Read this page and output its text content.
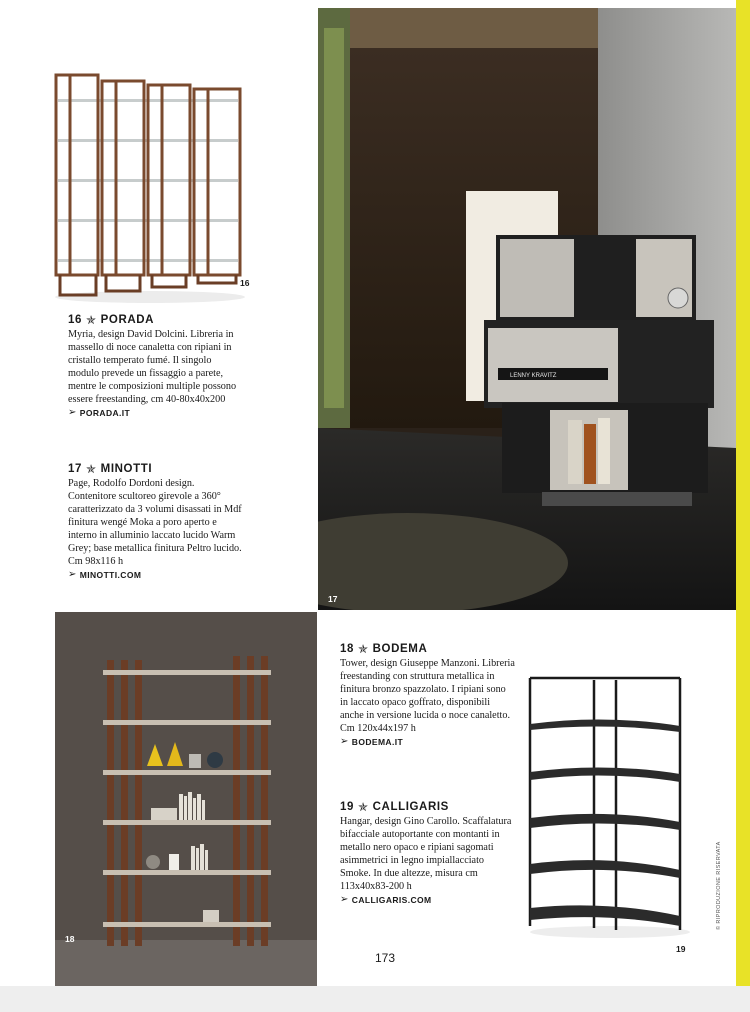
16
16 ✯ PORADA
Myria, design David Dolcini. Libreria in massello di noce canaletta con ripiani in cristallo temperato fumé. Il singolo modulo prevede un fissaggio a parete, mentre le composizioni multiple possono essere freestanding, cm 40-80x40x200
➢ PORADA.IT
17 ✯ MINOTTI
Page, Rodolfo Dordoni design. Contenitore scultoreo girevole a 360° caratterizzato da 3 volumi disassati in Mdf finitura wengé Moka a poro aperto e interno in alluminio laccato lucido Warm Grey; base metallica finitura Peltro lucido. Cm 98x116 h
➢ MINOTTI.COM
LENNY KRAVITZ
17
18
18 ✯ BODEMA
Tower, design Giuseppe Manzoni. Libreria freestanding con struttura metallica in finitura bronzo spazzolato. I ripiani sono in laccato opaco goffrato, disponibili anche in versione lucida o noce canaletto. Cm 120x44x197 h
➢ BODEMA.IT
19 ✯ CALLIGARIS
Hangar, design Gino Carollo. Scaffalatura bifacciale autoportante con montanti in metallo nero opaco e ripiani sagomati asimmetrici in legno impiallacciato Smoke. In due altezze, misura cm 113x40x83-200 h
➢ CALLIGARIS.COM
19
173
© RIPRODUZIONE RISERVATA
